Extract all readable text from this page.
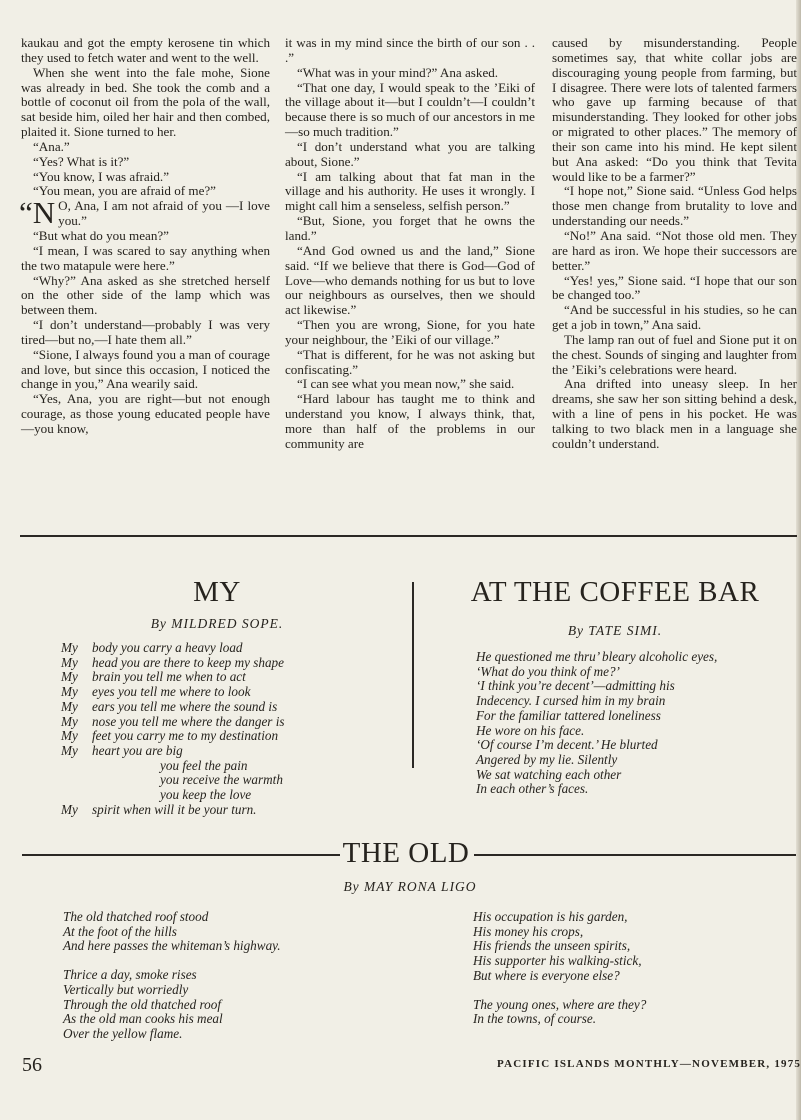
kaukau and got the empty kerosene tin which they used to fetch water and went to the well.

When she went into the fale mohe, Sione was already in bed. She took the comb and a bottle of coconut oil from the pola of the wall, sat beside him, oiled her hair and then combed, plaited it. Sione turned to her.

“Ana.”

“Yes? What is it?”

“You know, I was afraid.”

“You mean, you are afraid of me?”

“N O, Ana, I am not afraid of you —I love you.”

“But what do you mean?”

“I mean, I was scared to say anything when the two matapule were here.”

“Why?” Ana asked as she stretched herself on the other side of the lamp which was between them.

“I don’t understand—probably I was very tired—but no,—I hate them all.”

“Sione, I always found you a man of courage and love, but since this occasion, I noticed the change in you,” Ana wearily said.

“Yes, Ana, you are right—but not enough courage, as those young educated people have—you know,

it was in my mind since the birth of our son . . .”

“What was in your mind?” Ana asked.

“That one day, I would speak to the ’Eiki of the village about it—but I couldn’t—I couldn’t because there is so much of our ancestors in me—so much tradition.”

“I don’t understand what you are talking about, Sione.”

“I am talking about that fat man in the village and his authority. He uses it wrongly. I might call him a senseless, selfish person.”

“But, Sione, you forget that he owns the land.”

“And God owned us and the land,” Sione said. “If we believe that there is God—God of Love—who demands nothing for us but to love our neighbours as ourselves, then we should act likewise.”

“Then you are wrong, Sione, for you hate your neighbour, the ’Eiki of our village.”

“That is different, for he was not asking but confiscating.”

“I can see what you mean now,” she said.

“Hard labour has taught me to think and understand you know, I always think, that, more than half of the problems in our community are

caused by misunderstanding. People sometimes say, that white collar jobs are discouraging young people from farming, but I disagree. There were lots of talented farmers who gave up farming because of that misunderstanding. They looked for other jobs or migrated to other places.” The memory of their son came into his mind. He kept silent but Ana asked: “Do you think that Tevita would like to be a farmer?”

“I hope not,” Sione said. “Unless God helps those men change from brutality to love and understanding our needs.”

“No!” Ana said. “Not those old men. They are hard as iron. We hope their successors are better.”

“Yes! yes,” Sione said. “I hope that our son be changed too.”

“And be successful in his studies, so he can get a job in town,” Ana said.

The lamp ran out of fuel and Sione put it on the chest. Sounds of singing and laughter from the ’Eiki’s celebrations were heard.

Ana drifted into uneasy sleep. In her dreams, she saw her son sitting behind a desk, with a line of pens in his pocket. He was talking to two black men in a language she couldn’t understand.

MY
By MILDRED SOPE.
My	body you carry a heavy load
My	head you are there to keep my shape
My	brain you tell me when to act
My	eyes you tell me where to look
My	ears you tell me where the sound is
My	nose you tell me where the danger is
My	feet you carry me to my destination
My	heart you are big
you feel the pain
you receive the warmth
you keep the love
My	spirit when will it be your turn.
AT THE COFFEE BAR
By TATE SIMI.
He questioned me thru’ bleary alcoholic eyes,
‘What do you think of me?’
‘I think you’re decent’—admitting his
Indecency. I cursed him in my brain
For the familiar tattered loneliness
He wore on his face.
‘Of course I’m decent.’ He blurted
Angered by my lie. Silently
We sat watching each other
In each other’s faces.
THE OLD
By MAY RONA LIGO
The old thatched roof stood
At the foot of the hills
And here passes the whiteman’s highway.
Thrice a day, smoke rises
Vertically but worriedly
Through the old thatched roof
As the old man cooks his meal
Over the yellow flame.
His occupation is his garden,
His money his crops,
His friends the unseen spirits,
His supporter his walking-stick,
But where is everyone else?
The young ones, where are they?
In the towns, of course.
56	PACIFIC ISLANDS MONTHLY—NOVEMBER, 1975
